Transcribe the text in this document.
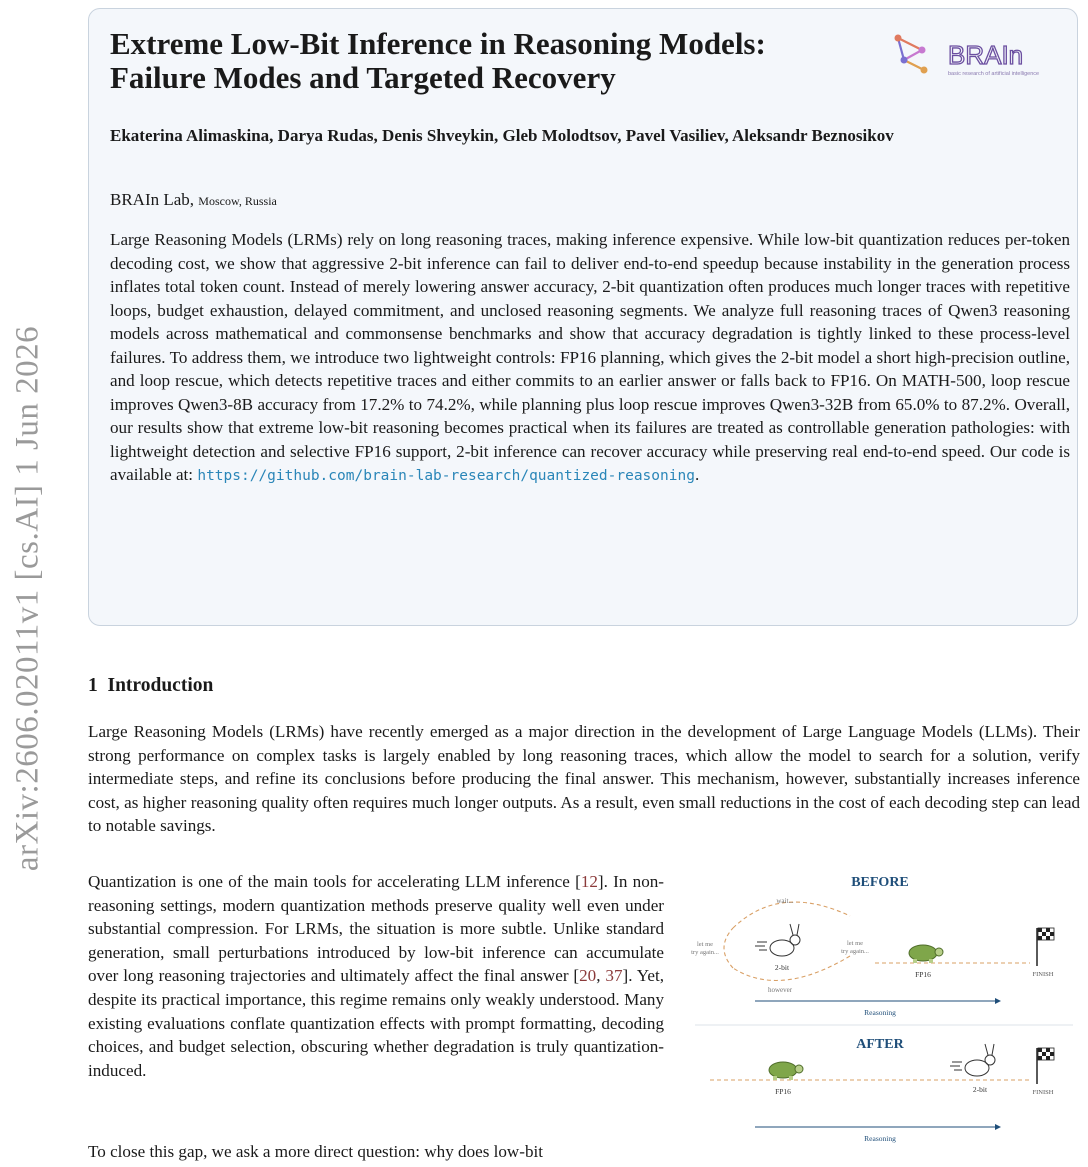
arXiv:2606.02011v1 [cs.AI] 1 Jun 2026
Extreme Low-Bit Inference in Reasoning Models:
Failure Modes and Targeted Recovery
BRAIn
basic research of artificial intelligence
Ekaterina Alimaskina, Darya Rudas, Denis Shveykin, Gleb Molodtsov, Pavel Vasiliev, Aleksandr Beznosikov
BRAIn Lab, Moscow, Russia

Large Reasoning Models (LRMs) rely on long reasoning traces, making inference expensive. While low-bit quantization reduces per-token decoding cost, we show that aggressive 2-bit inference can fail to deliver end-to-end speedup because instability in the generation process inflates total token count. Instead of merely lowering answer accuracy, 2-bit quantization often produces much longer traces with repetitive loops, budget exhaustion, delayed commitment, and unclosed reasoning segments. We analyze full reasoning traces of Qwen3 reasoning models across mathematical and commonsense benchmarks and show that accuracy degradation is tightly linked to these process-level failures. To address them, we introduce two lightweight controls: FP16 planning, which gives the 2-bit model a short high-precision outline, and loop rescue, which detects repetitive traces and either commits to an earlier answer or falls back to FP16. On MATH-500, loop rescue improves Qwen3-8B accuracy from 17.2% to 74.2%, while planning plus loop rescue improves Qwen3-32B from 65.0% to 87.2%. Overall, our results show that extreme low-bit reasoning becomes practical when its failures are treated as controllable generation pathologies: with lightweight detection and selective FP16 support, 2-bit inference can recover accuracy while preserving real end-to-end speed. Our code is available at: https://github.com/brain-lab-research/quantized-reasoning.

1 Introduction

Large Reasoning Models (LRMs) have recently emerged as a major direction in the development of Large Language Models (LLMs). Their strong performance on complex tasks is largely enabled by long reasoning traces, which allow the model to search for a solution, verify intermediate steps, and refine its conclusions before producing the final answer. This mechanism, however, substantially increases inference cost, as higher reasoning quality often requires much longer outputs. As a result, even small reductions in the cost of each decoding step can lead to notable savings.

Quantization is one of the main tools for accelerating LLM inference [12]. In non-reasoning settings, modern quantization methods preserve quality well even under substantial compression. For LRMs, the situation is more subtle. Unlike standard generation, small perturbations introduced by low-bit inference can accumulate over long reasoning trajectories and ultimately affect the final answer [20, 37]. Yet, despite its practical importance, this regime remains only weakly understood. Many existing evaluations conflate quantization effects with prompt formatting, decoding choices, and budget selection, obscuring whether degradation is truly quantization-induced.

To close this gap, we ask a more direct question: why does low-bit

BEFORE
wait...
let me
try again...
let me
try again...
however
2-bit
FP16	FINISH
Reasoning
AFTER
FP16	2-bit	FINISH
Reasoning
